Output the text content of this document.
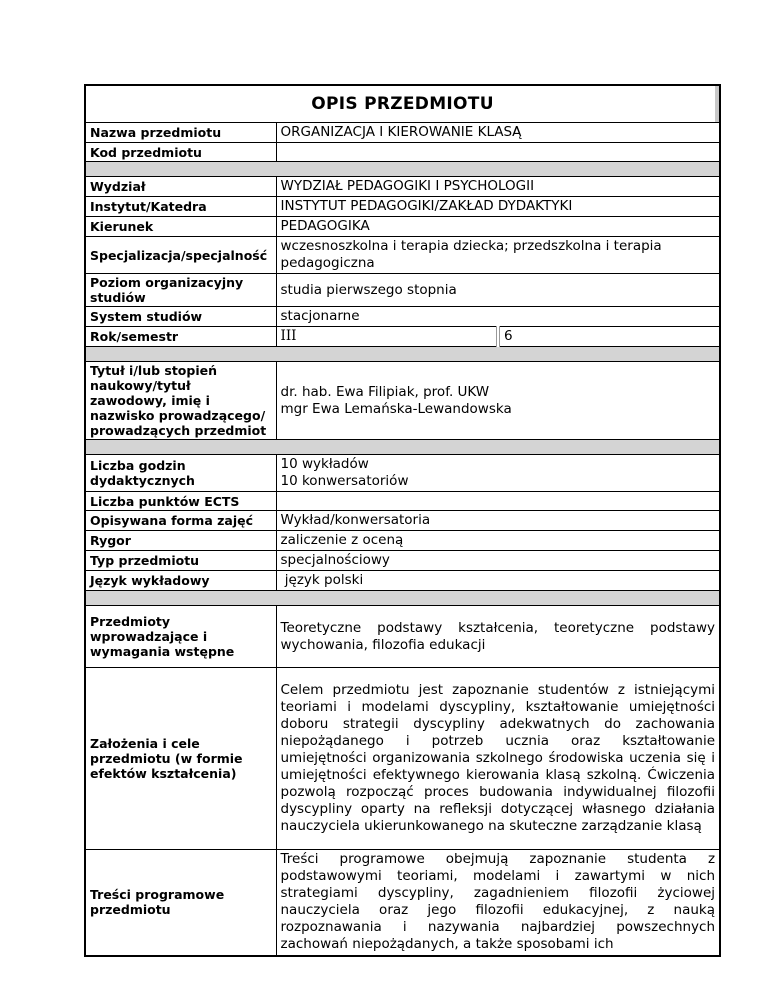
OPIS PRZEDMIOTU		
Nazwa przedmiotu	ORGANIZACJA I KIEROWANIE KLASĄ	
Kod przedmiotu		

Wydział	WYDZIAŁ PEDAGOGIKI I PSYCHOLOGII	
Instytut/Katedra	INSTYTUT PEDAGOGIKI/ZAKŁAD DYDAKTYKI	
Kierunek	PEDAGOGIKA	
Specjalizacja/specjalność	wczesnoszkolna i terapia dziecka; przedszkolna i terapia pedagogiczna	
Poziom organizacyjny studiów	studia pierwszego stopnia	
System studiów	stacjonarne	
Rok/semestr	III	6

Tytuł i/lub stopień naukowy/tytuł zawodowy, imię i nazwisko prowadzącego/ prowadzących przedmiot	dr. hab. Ewa Filipiak, prof. UKW
mgr Ewa Lemańska-Lewandowska	

Liczba godzin dydaktycznych	10 wykładów
10 konwersatoriów	

Liczba punktów ECTS		
Opisywana forma zajęć	Wykład/konwersatoria	
Rygor	zaliczenie z oceną	
Typ przedmiotu	specjalnościowy	
Język wykładowy	język polski	

Przedmioty wprowadzające i wymagania wstępne	Teoretyczne podstawy kształcenia, teoretyczne podstawy wychowania, filozofia edukacji	
Założenia i cele przedmiotu (w formie efektów kształcenia)	Celem przedmiotu jest zapoznanie studentów z istniejącymi teoriami i modelami dyscypliny, kształtowanie umiejętności doboru strategii dyscypliny adekwatnych do zachowania niepożądanego i potrzeb ucznia oraz kształtowanie umiejętności organizowania szkolnego środowiska uczenia się i umiejętności efektywnego kierowania klasą szkolną. Ćwiczenia pozwolą rozpocząć proces budowania indywidualnej filozofii dyscypliny oparty na refleksji dotyczącej własnego działania nauczyciela ukierunkowanego na skuteczne zarządzanie klasą	
Treści programowe przedmiotu	Treści programowe obejmują zapoznanie studenta z podstawowymi teoriami, modelami i zawartymi w nich strategiami dyscypliny, zagadnieniem filozofii życiowej nauczyciela oraz jego filozofii edukacyjnej, z nauką rozpoznawania i nazywania najbardziej powszechnych zachowań niepożądanych, a także sposobami ich	
